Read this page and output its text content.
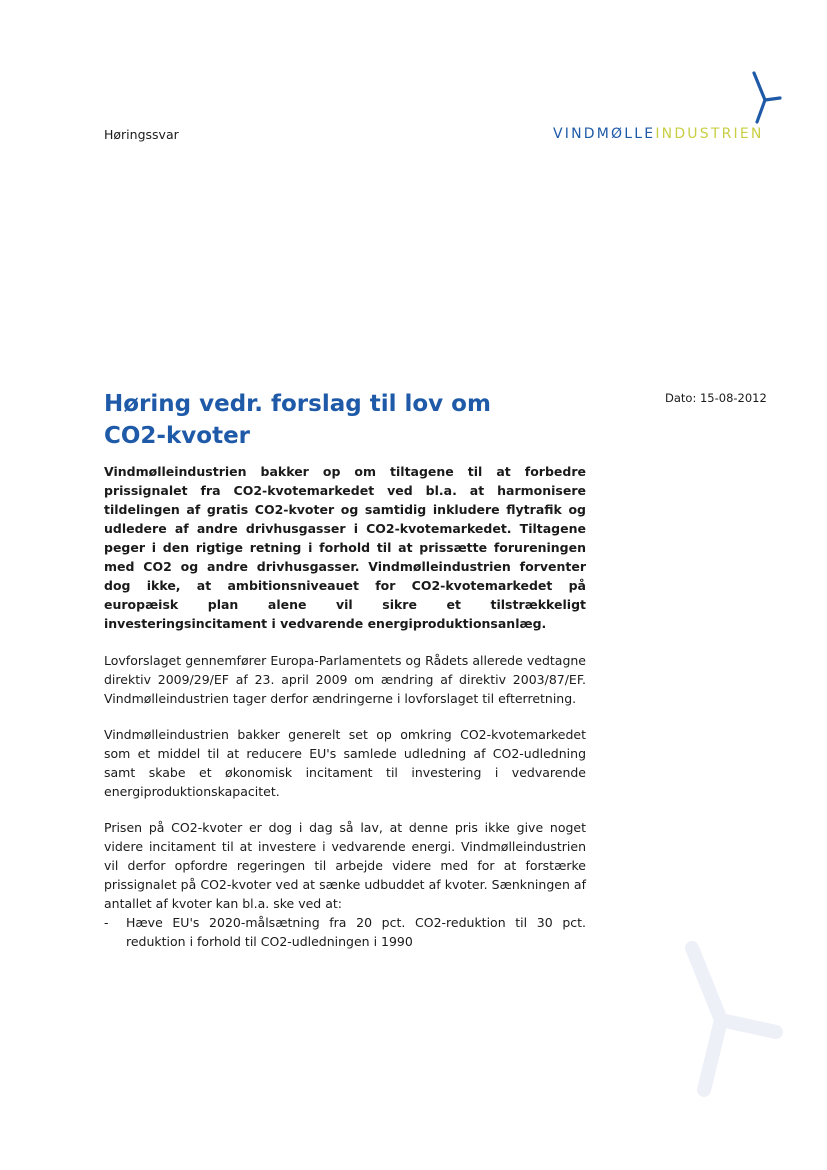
Høringssvar	VINDMØLLEINDUSTRIEN
Dato: 15-08-2012
Høring vedr. forslag til lov om CO2-kvoter

Vindmølleindustrien bakker op om tiltagene til at forbedre prissignalet fra CO2-kvotemarkedet ved bl.a. at harmonisere tildelingen af gratis CO2-kvoter og samtidig inkludere flytrafik og udledere af andre drivhusgasser i CO2-kvotemarkedet. Tiltagene peger i den rigtige retning i forhold til at prissætte forureningen med CO2 og andre drivhusgasser. Vindmølleindustrien forventer dog ikke, at ambitionsniveauet for CO2-kvotemarkedet på europæisk plan alene vil sikre et tilstrækkeligt investeringsincitament i vedvarende energiproduktionsanlæg.

Lovforslaget gennemfører Europa-Parlamentets og Rådets allerede vedtagne direktiv 2009/29/EF af 23. april 2009 om ændring af direktiv 2003/87/EF. Vindmølleindustrien tager derfor ændringerne i lovforslaget til efterretning.

Vindmølleindustrien bakker generelt set op omkring CO2-kvotemarkedet som et middel til at reducere EU's samlede udledning af CO2-udledning samt skabe et økonomisk incitament til investering i vedvarende energiproduktionskapacitet.

Prisen på CO2-kvoter er dog i dag så lav, at denne pris ikke give noget videre incitament til at investere i vedvarende energi. Vindmølleindustrien vil derfor opfordre regeringen til arbejde videre med for at forstærke prissignalet på CO2-kvoter ved at sænke udbuddet af kvoter. Sænkningen af antallet af kvoter kan bl.a. ske ved at:

- Hæve EU's 2020-målsætning fra 20 pct. CO2-reduktion til 30 pct. reduktion i forhold til CO2-udledningen i 1990
